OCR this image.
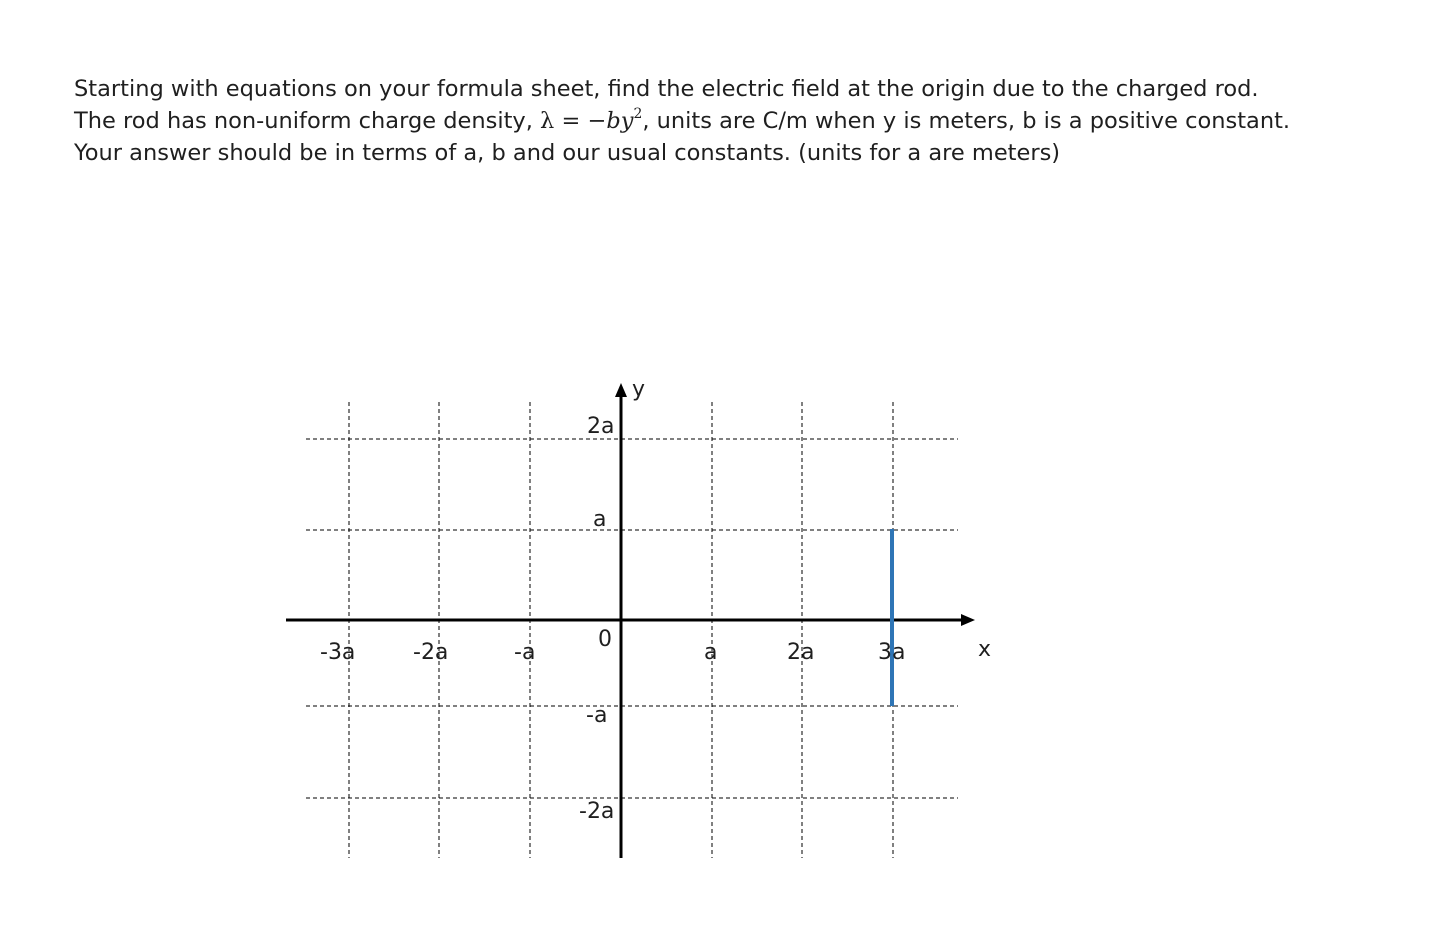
Starting with equations on your formula sheet, find the electric field at the origin due to the charged rod.
The rod has non-uniform charge density, $\lambda = -by^2$, units are C/m when y is meters, b is a positive constant.
Your answer should be in terms of a, b and our usual constants. (units for a are meters)
y
x
0
-3a	-2a	-a	a	2a	3a
2a
a
-a
-2a
